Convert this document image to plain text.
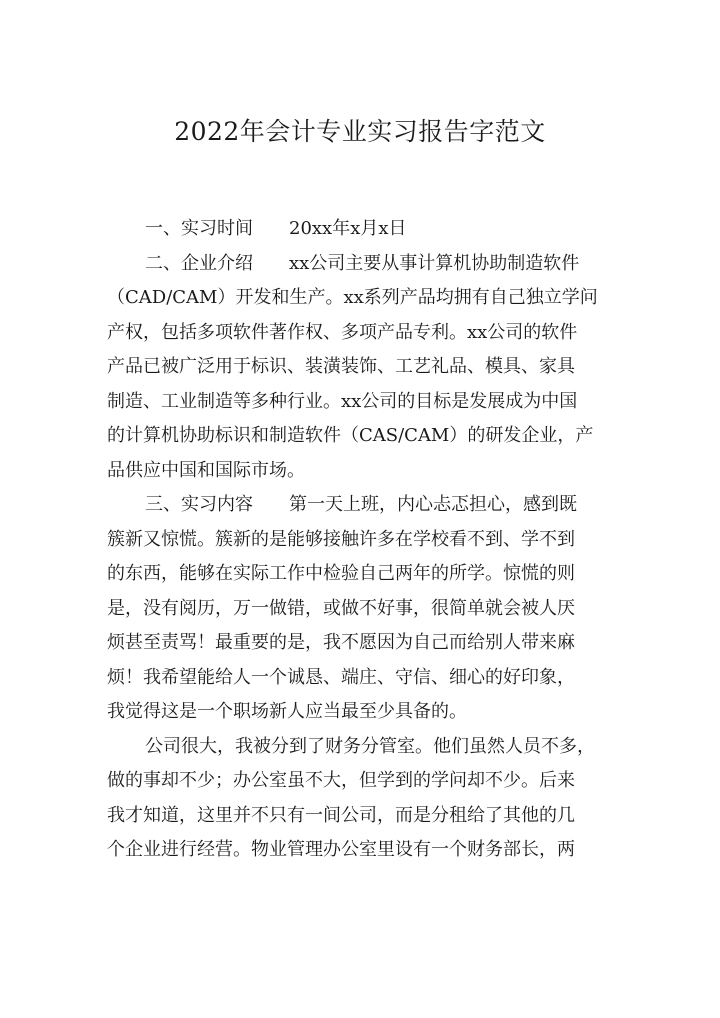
2022年会计专业实习报告字范文
一、实习时间 20xx年x月x日
二、企业介绍 xx公司主要从事计算机协助制造软件
（CAD/CAM）开发和生产。xx系列产品均拥有自己独立学问
产权，包括多项软件著作权、多项产品专利。xx公司的软件
产品已被广泛用于标识、装潢装饰、工艺礼品、模具、家具
制造、工业制造等多种行业。xx公司的目标是发展成为中国
的计算机协助标识和制造软件（CAS/CAM）的研发企业，产
品供应中国和国际市场。
三、实习内容 第一天上班，内心忐忑担心，感到既
簇新又惊慌。簇新的是能够接触许多在学校看不到、学不到
的东西，能够在实际工作中检验自己两年的所学。惊慌的则
是，没有阅历，万一做错，或做不好事，很简单就会被人厌
烦甚至责骂！最重要的是，我不愿因为自己而给别人带来麻
烦！我希望能给人一个诚恳、端庄、守信、细心的好印象，
我觉得这是一个职场新人应当最至少具备的。
公司很大，我被分到了财务分管室。他们虽然人员不多，
做的事却不少；办公室虽不大，但学到的学问却不少。后来
我才知道，这里并不只有一间公司，而是分租给了其他的几
个企业进行经营。物业管理办公室里设有一个财务部长，两
